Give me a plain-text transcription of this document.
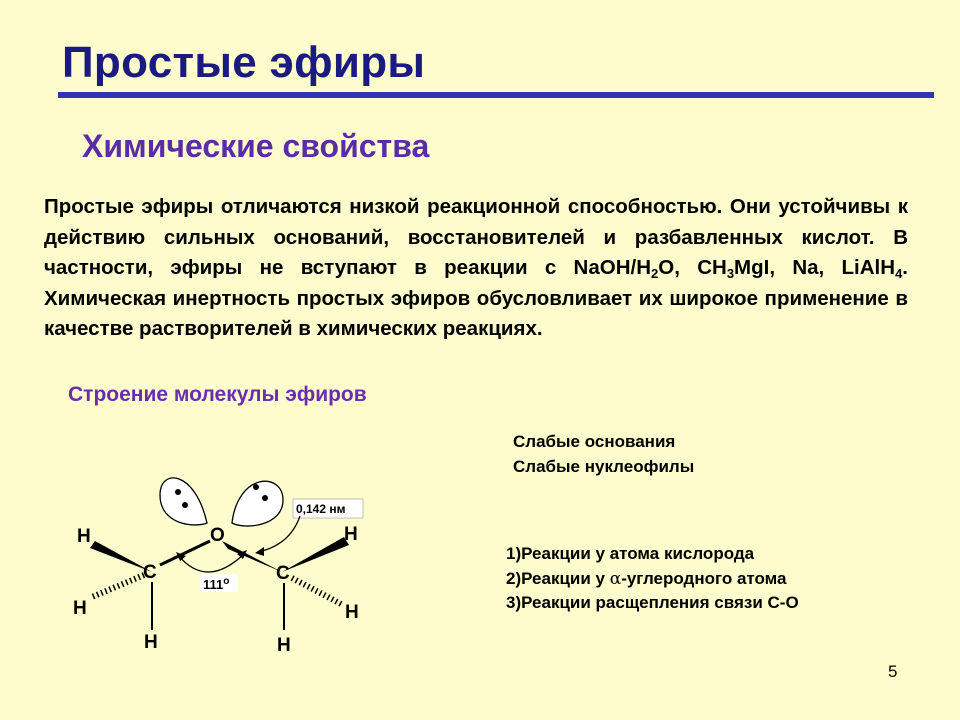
Простые эфиры
Химические свойства

Простые эфиры отличаются низкой реакционной способностью. Они устойчивы к действию сильных оснований, восстановителей и разбавленных кислот. В частности, эфиры не вступают в реакции с NaOH/$H_2O$, $CH_3MgI$, Na, LiAlH$_4$. Химическая инертность простых эфиров обусловливает их широкое применение в качестве растворителей в химических реакциях.

Строение молекулы эфиров
O
C	C
H	H
H	H
H	H
111$^o$
0,142 нм
Слабые основания
Слабые нуклеофилы
1)Реакции у атома кислорода
2)Реакции у α-углеродного атома
3)Реакции расщепления связи С-О
5
